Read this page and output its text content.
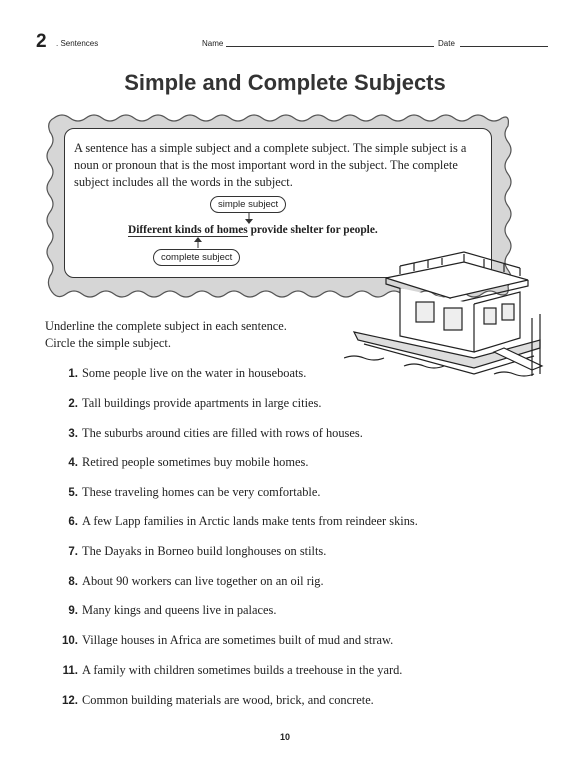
2 . Sentences	Name	Date
Simple and Complete Subjects
A sentence has a simple subject and a complete subject. The simple subject is a noun or pronoun that is the most important word in the subject. The complete subject includes all the words in the subject.
simple subject
Different kinds of homes provide shelter for people.
complete subject
Underline the complete subject in each sentence.
Circle the simple subject.
1. Some people live on the water in houseboats.
2. Tall buildings provide apartments in large cities.
3. The suburbs around cities are filled with rows of houses.
4. Retired people sometimes buy mobile homes.
5. These traveling homes can be very comfortable.
6. A few Lapp families in Arctic lands make tents from reindeer skins.
7. The Dayaks in Borneo build longhouses on stilts.
8. About 90 workers can live together on an oil rig.
9. Many kings and queens live in palaces.
10. Village houses in Africa are sometimes built of mud and straw.
11. A family with children sometimes builds a treehouse in the yard.
12. Common building materials are wood, brick, and concrete.
10
